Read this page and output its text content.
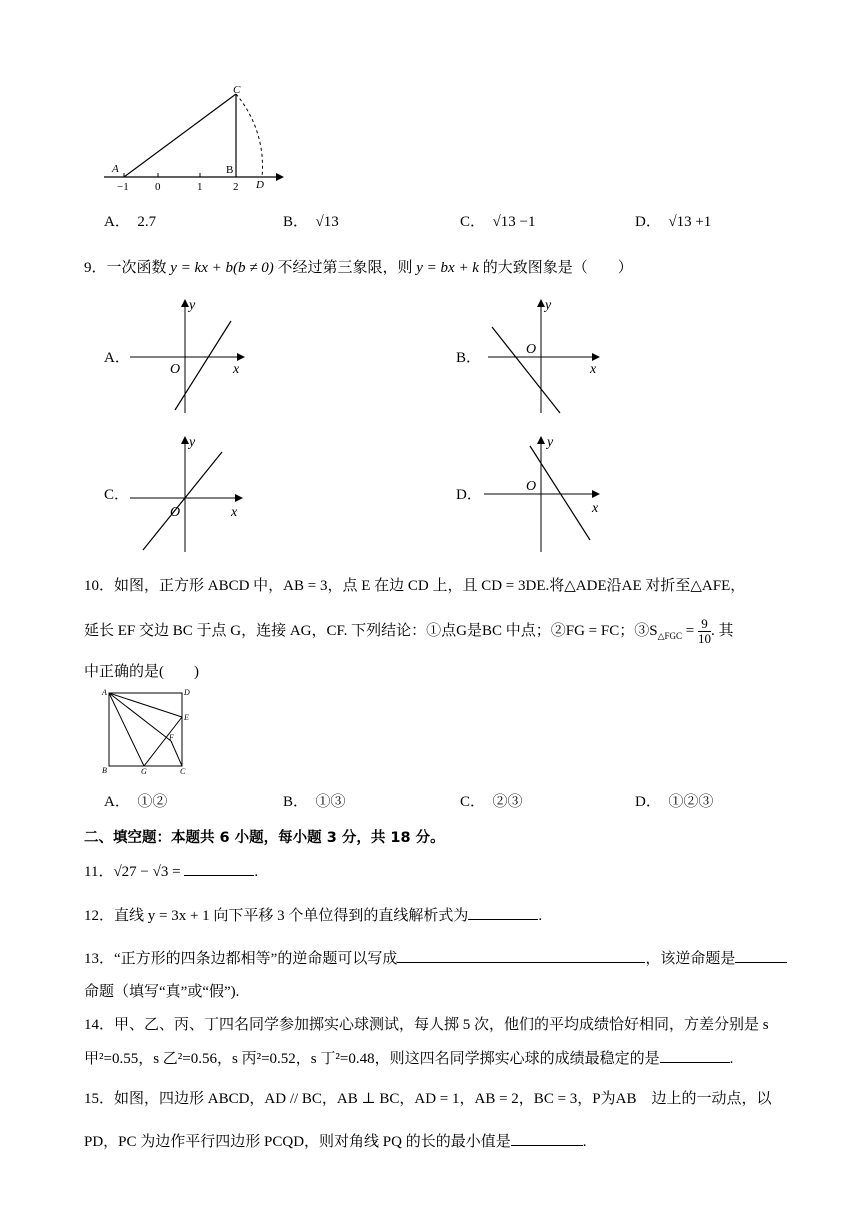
A
C
B
D
−1 0	1	2
A． 2.7	B． √13	C． √13 −1	D． √13 +1
9．一次函数 y = kx + b(b ≠ 0) 不经过第三象限，则 y = bx + k 的大致图象是（　　）
A．
y
x
O
B．
y
x
O
C．
y
x
O
D．
y
x
O
10．如图，正方形 ABCD 中，AB = 3，点 E 在边 CD 上，且 CD = 3DE.将△ADE沿AE 对折至△AFE，
延长 EF 交边 BC 于点 G，连接 AG，CF. 下列结论：①点G是BC 中点；②FG = FC；$③S_{\triangle FGC} = \frac{9}{10}$ . 其
中正确的是(　　)
A	D
E
F
B	G	C
A． ①②	B． ①③	C． ②③	D． ①②③
二、填空题：本题共 6 小题，每小题 3 分，共 18 分。
11．√27 − √3 =	.
12．直线 y = 3x + 1 向下平移 3 个单位得到的直线解析式为	.
13．“正方形的四条边都相等”的逆命题可以写成	，该逆命题是
命题（填写“真”或“假”).
14．甲、乙、丙、丁四名同学参加掷实心球测试，每人掷 5 次，他们的平均成绩恰好相同，方差分别是 s
甲²=0.55，s 乙²=0.56，s 丙²=0.52，s 丁²=0.48，则这四名同学掷实心球的成绩最稳定的是	.
15．如图，四边形 ABCD，AD // BC，AB ⊥ BC，AD = 1，AB = 2，BC = 3，P为AB　边上的一动点，以
PD，PC 为边作平行四边形 PCQD，则对角线 PQ 的长的最小值是	.
